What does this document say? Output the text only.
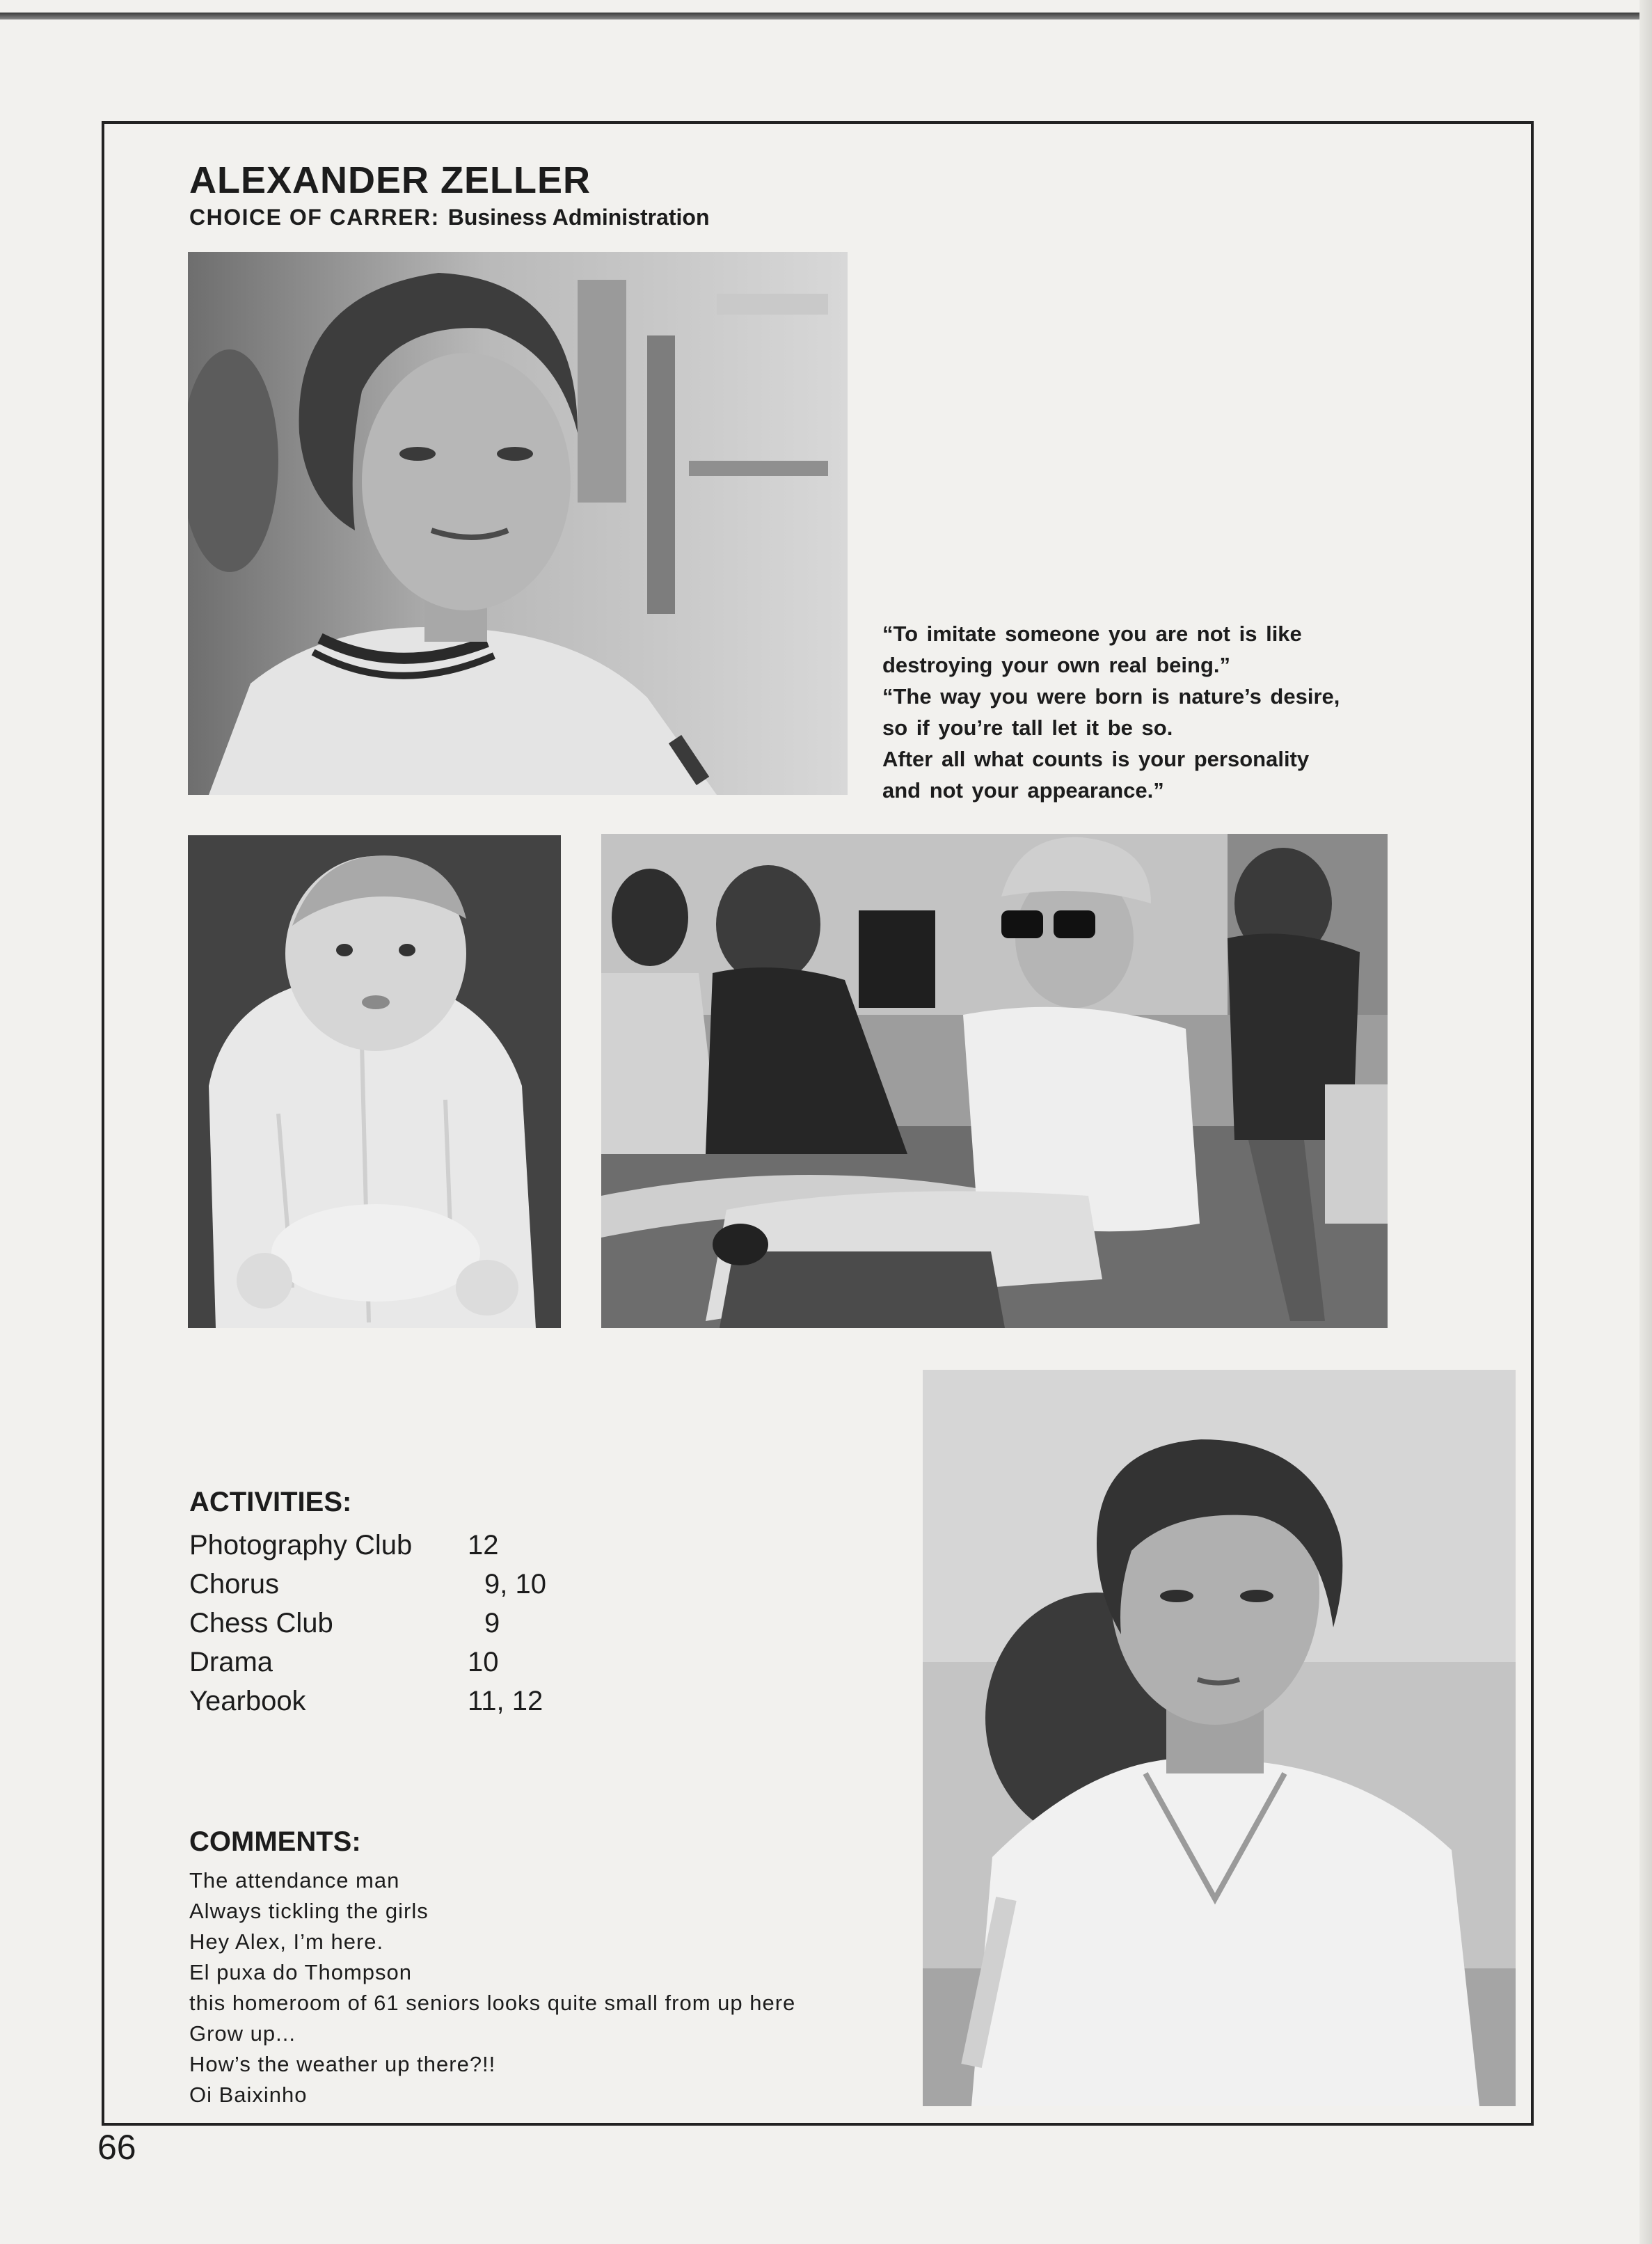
ALEXANDER ZELLER
CHOICE OF CARRER: Business Administration
“To imitate someone you are not is like
destroying your own real being.”
“The way you were born is nature’s desire,
so if you’re tall let it be so.
After all what counts is your personality
and not your appearance.”
ACTIVITIES:
Photography Club 12
Chorus	9, 10
Chess Club	9
Drama	10
Yearbook	11, 12
COMMENTS:
The attendance man
Always tickling the girls
Hey Alex, I’m here.
El puxa do Thompson
this homeroom of 61 seniors looks quite small from up here
Grow up...
How’s the weather up there?!!
Oi Baixinho
66
